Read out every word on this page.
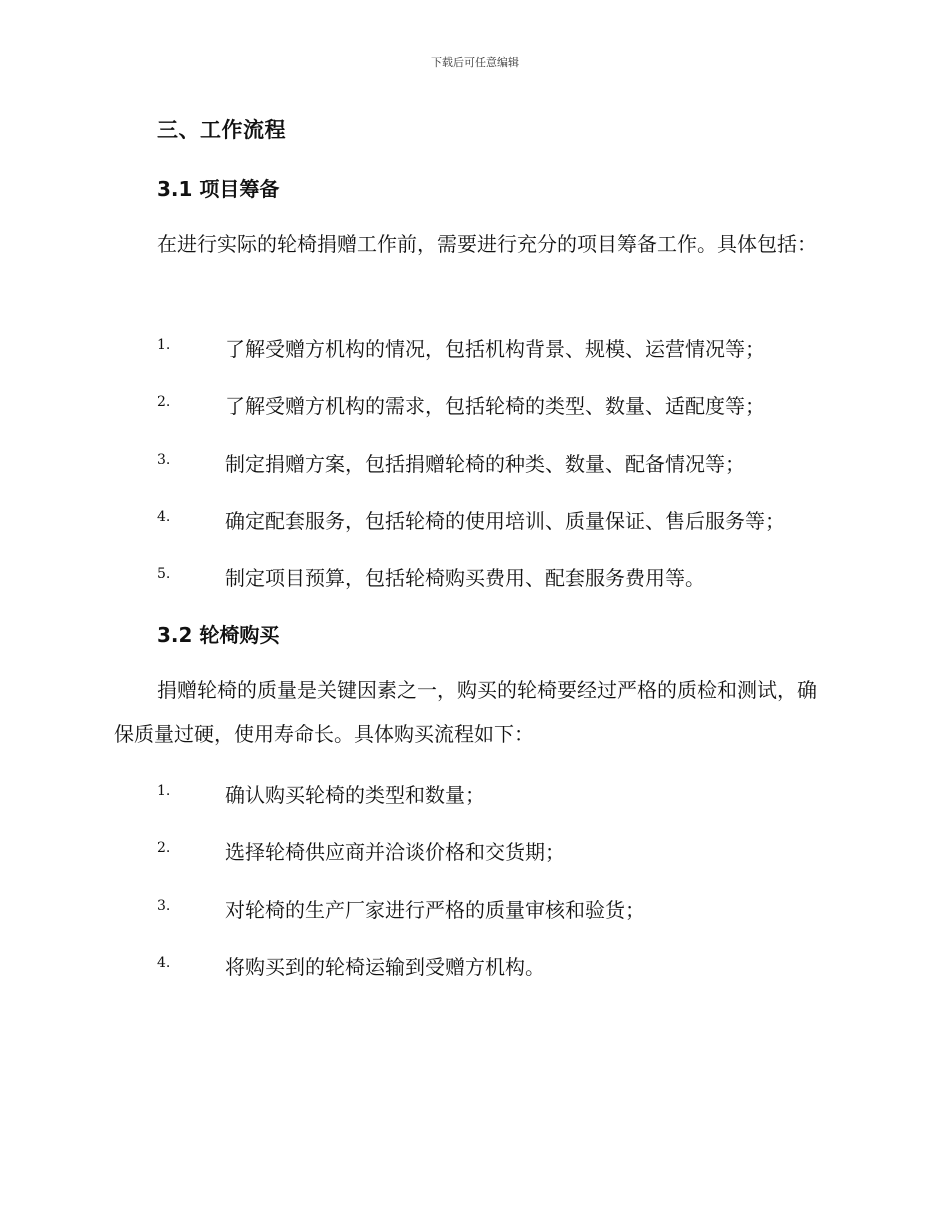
下载后可任意编辑
三、工作流程
3.1 项目筹备
在进行实际的轮椅捐赠工作前，需要进行充分的项目筹备工作。具体包括：
1.	了解受赠方机构的情况，包括机构背景、规模、运营情况等；
2.	了解受赠方机构的需求，包括轮椅的类型、数量、适配度等；
3.	制定捐赠方案，包括捐赠轮椅的种类、数量、配备情况等；
4.	确定配套服务，包括轮椅的使用培训、质量保证、售后服务等；
5.	制定项目预算，包括轮椅购买费用、配套服务费用等。
3.2 轮椅购买
捐赠轮椅的质量是关键因素之一，购买的轮椅要经过严格的质检和测试，确保质量过硬，使用寿命长。具体购买流程如下：
1.	确认购买轮椅的类型和数量；
2.	选择轮椅供应商并洽谈价格和交货期；
3.	对轮椅的生产厂家进行严格的质量审核和验货；
4.	将购买到的轮椅运输到受赠方机构。
